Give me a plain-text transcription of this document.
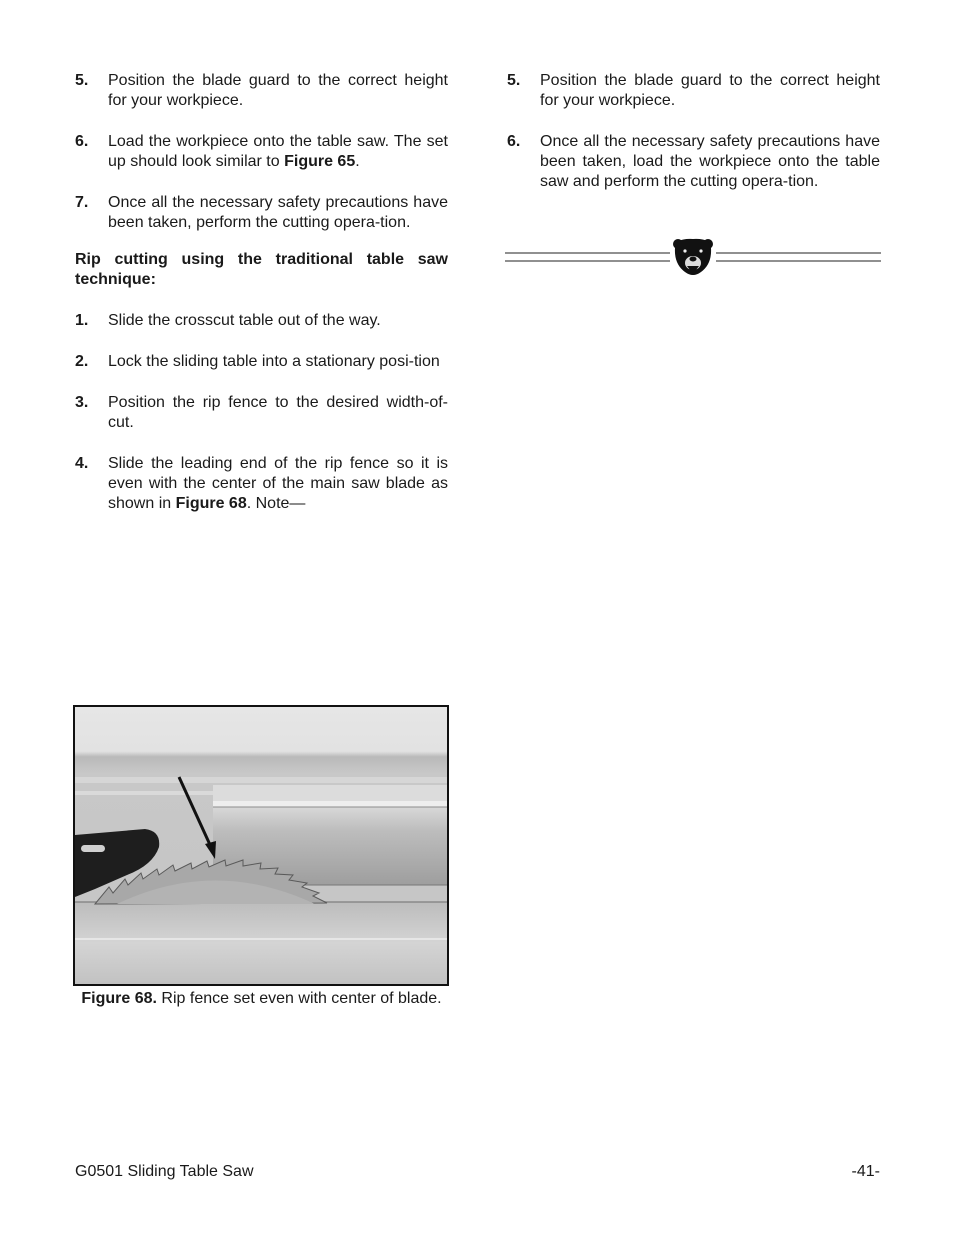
5.	Position the blade guard to the correct height for your workpiece.
6.	Load the workpiece onto the table saw. The set up should look similar to Figure 65.
7.	Once all the necessary safety precautions have been taken, perform the cutting opera-tion.
Rip cutting using the traditional table saw technique:
1.	Slide the crosscut table out of the way.
2.	Lock the sliding table into a stationary posi-tion
3.	Position the rip fence to the desired width-of-cut.
4.	Slide the leading end of the rip fence so it is even with the center of the main saw blade as shown in Figure 68. Note—
5.	Position the blade guard to the correct height for your workpiece.
6.	Once all the necessary safety precautions have been taken, load the workpiece onto the table saw and perform the cutting opera-tion.
Figure 68. Rip fence set even with center of blade.
G0501 Sliding Table Saw	-41-
